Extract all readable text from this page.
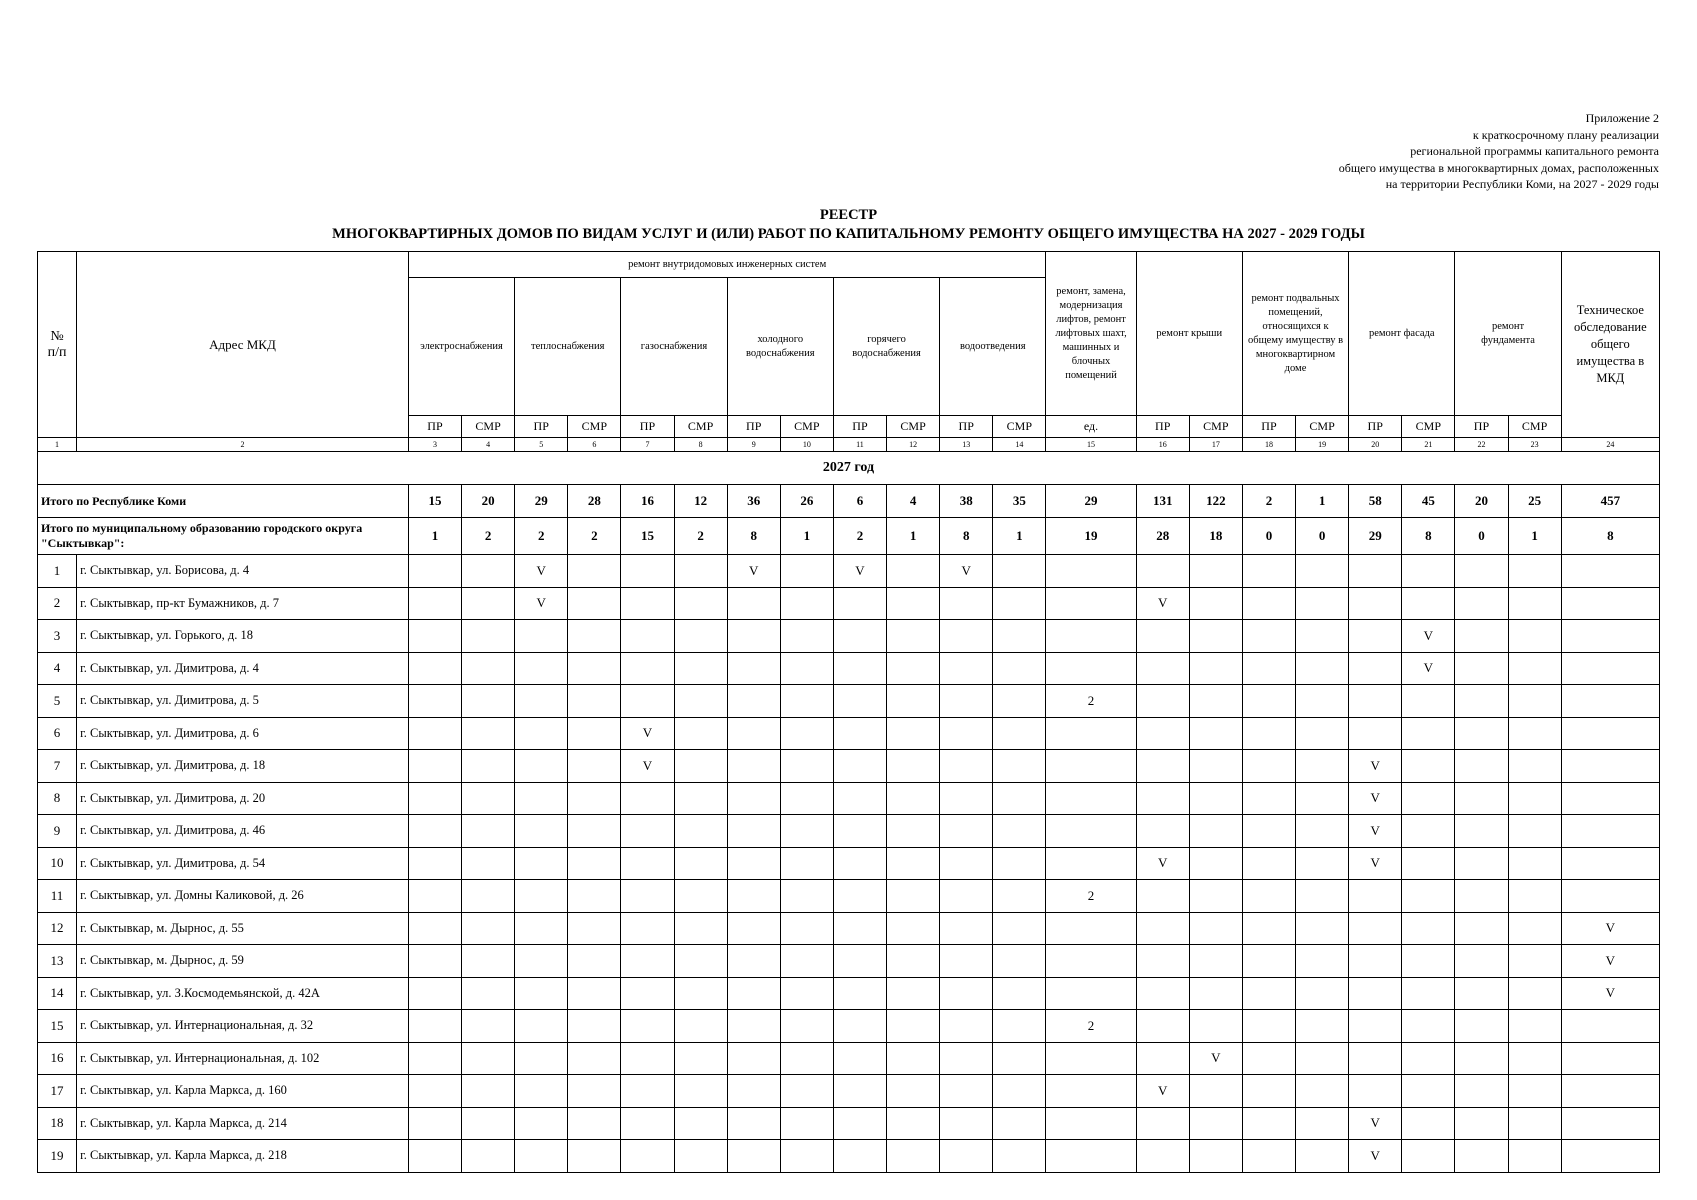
Приложение 2
к краткосрочному плану реализации
региональной программы капитального ремонта
общего имущества в многоквартирных домах, расположенных
на территории Республики Коми, на 2027 - 2029 годы
РЕЕСТР
МНОГОКВАРТИРНЫХ ДОМОВ ПО ВИДАМ УСЛУГ И (ИЛИ) РАБОТ ПО КАПИТАЛЬНОМУ РЕМОНТУ ОБЩЕГО ИМУЩЕСТВА НА 2027 - 2029 ГОДЫ
№ п/п	Адрес МКД	ремонт внутридомовых инженерных систем												ремонт, замена, модернизация лифтов, ремонт лифтовых шахт, машинных и блочных помещений	ремонт крыши		ремонт подвальных помещений, относящихся к общему имуществу в многоквартирном доме		ремонт фасада		ремонт фундамента		Техническое обследование общего имущества в МКД
		электроснабжения		теплоснабжения		газоснабжения		холодного водоснабжения		горячего водоснабжения		водоотведения											
		ПР	СМР	ПР	СМР	ПР	СМР	ПР	СМР	ПР	СМР	ПР	СМР	ед.	ПР	СМР	ПР	СМР	ПР	СМР	ПР	СМР	
1	2	3	4	5	6	7	8	9	10	11	12	13	14	15	16	17	18	19	20	21	22	23	24
2027 год																							
Итого по Республике Коми		15	20	29	28	16	12	36	26	6	4	38	35	29	131	122	2	1	58	45	20	25	457
Итого по муниципальному образованию городского округа "Сыктывкар":		1	2	2	2	15	2	8	1	2	1	8	1	19	28	18	0	0	29	8	0	1	8
1	г. Сыктывкар, ул. Борисова, д. 4			V				V		V		V											
2	г. Сыктывкар, пр-кт Бумажников, д. 7			V											V								
3	г. Сыктывкар, ул. Горького, д. 18																			V			
4	г. Сыктывкар, ул. Димитрова, д. 4																			V			
5	г. Сыктывкар, ул. Димитрова, д. 5													2									
6	г. Сыктывкар, ул. Димитрова, д. 6					V																	
7	г. Сыктывкар, ул. Димитрова, д. 18					V													V				
8	г. Сыктывкар, ул. Димитрова, д. 20																		V				
9	г. Сыктывкар, ул. Димитрова, д. 46																		V				
10	г. Сыктывкар, ул. Димитрова, д. 54														V				V				
11	г. Сыктывкар, ул. Домны Каликовой, д. 26													2									
12	г. Сыктывкар, м. Дырнос, д. 55																						V
13	г. Сыктывкар, м. Дырнос, д. 59																						V
14	г. Сыктывкар, ул. З.Космодемьянской, д. 42А																						V
15	г. Сыктывкар, ул. Интернациональная, д. 32													2									
16	г. Сыктывкар, ул. Интернациональная, д. 102															V							
17	г. Сыктывкар, ул. Карла Маркса, д. 160														V								
18	г. Сыктывкар, ул. Карла Маркса, д. 214																		V				
19	г. Сыктывкар, ул. Карла Маркса, д. 218																		V				
